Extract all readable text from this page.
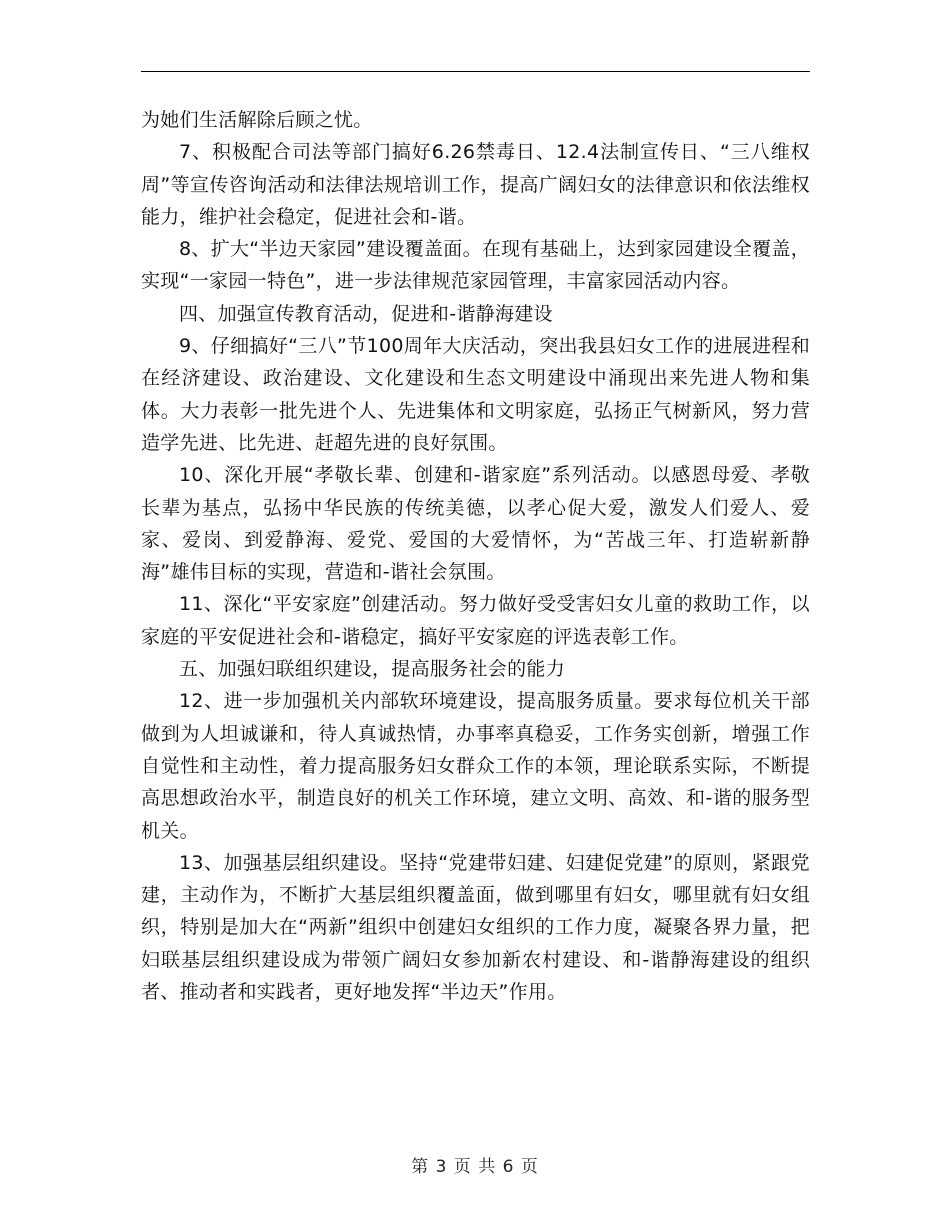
为她们生活解除后顾之忧。

7、积极配合司法等部门搞好6.26禁毒日、12.4法制宣传日、“三八维权周”等宣传咨询活动和法律法规培训工作，提高广阔妇女的法律意识和依法维权能力，维护社会稳定，促进社会和-谐。

8、扩大“半边天家园”建设覆盖面。在现有基础上，达到家园建设全覆盖，实现“一家园一特色”，进一步法律规范家园管理，丰富家园活动内容。

四、加强宣传教育活动，促进和-谐静海建设

9、仔细搞好“三八”节100周年大庆活动，突出我县妇女工作的进展进程和在经济建设、政治建设、文化建设和生态文明建设中涌现出来先进人物和集体。大力表彰一批先进个人、先进集体和文明家庭，弘扬正气树新风，努力营造学先进、比先进、赶超先进的良好氛围。

10、深化开展“孝敬长辈、创建和-谐家庭”系列活动。以感恩母爱、孝敬长辈为基点，弘扬中华民族的传统美德，以孝心促大爱，激发人们爱人、爱家、爱岗、到爱静海、爱党、爱国的大爱情怀，为“苦战三年、打造崭新静海”雄伟目标的实现，营造和-谐社会氛围。

11、深化“平安家庭”创建活动。努力做好受受害妇女儿童的救助工作，以家庭的平安促进社会和-谐稳定，搞好平安家庭的评选表彰工作。

五、加强妇联组织建设，提高服务社会的能力

12、进一步加强机关内部软环境建设，提高服务质量。要求每位机关干部做到为人坦诚谦和，待人真诚热情，办事率真稳妥，工作务实创新，增强工作自觉性和主动性，着力提高服务妇女群众工作的本领，理论联系实际，不断提高思想政治水平，制造良好的机关工作环境，建立文明、高效、和-谐的服务型机关。

13、加强基层组织建设。坚持“党建带妇建、妇建促党建”的原则，紧跟党建，主动作为，不断扩大基层组织覆盖面，做到哪里有妇女，哪里就有妇女组织，特别是加大在“两新”组织中创建妇女组织的工作力度，凝聚各界力量，把妇联基层组织建设成为带领广阔妇女参加新农村建设、和-谐静海建设的组织者、推动者和实践者，更好地发挥“半边天”作用。

第 3 页 共 6 页
